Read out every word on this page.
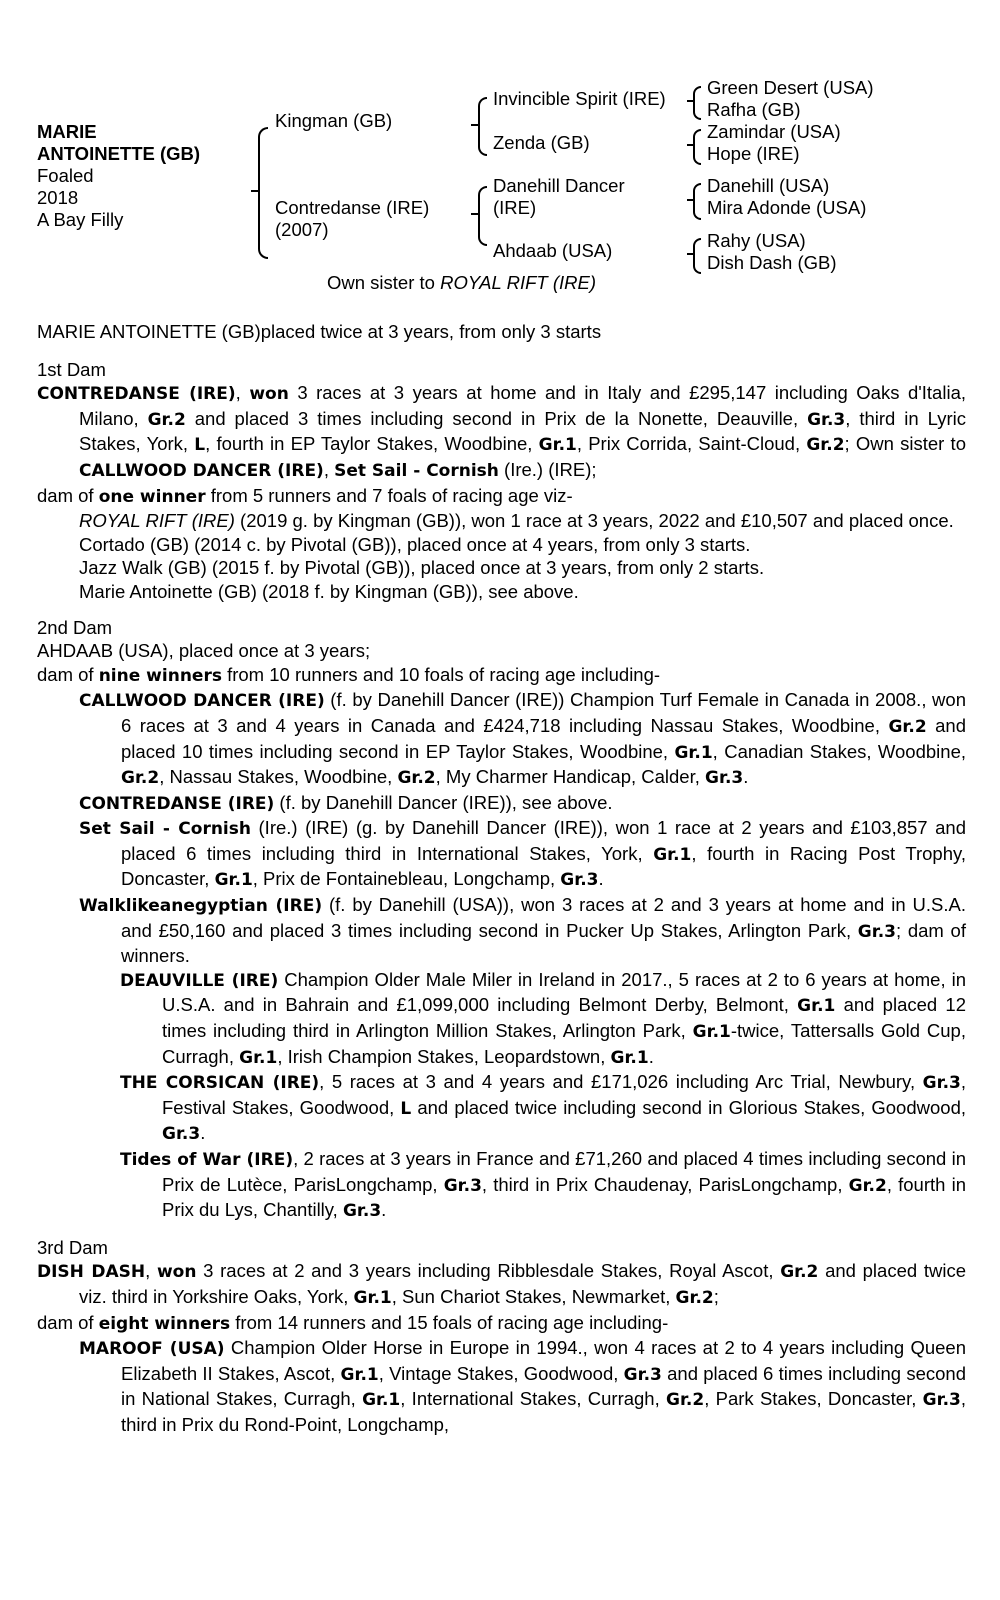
MARIE
ANTOINETTE (GB)
Foaled
2018
A Bay Filly
Kingman (GB)
Contredanse (IRE)
(2007)
Invincible Spirit (IRE)
Zenda (GB)
Danehill Dancer
(IRE)
Ahdaab (USA)
Green Desert (USA)
Rafha (GB)
Zamindar (USA)
Hope (IRE)
Danehill (USA)
Mira Adonde (USA)
Rahy (USA)
Dish Dash (GB)
Own sister to ROYAL RIFT (IRE)

MARIE ANTOINETTE (GB)placed twice at 3 years, from only 3 starts

1st Dam

CONTREDANSE (IRE), won 3 races at 3 years at home and in Italy and £295,147 including Oaks d'Italia, Milano, Gr.2 and placed 3 times including second in Prix de la Nonette, Deauville, Gr.3, third in Lyric Stakes, York, L, fourth in EP Taylor Stakes, Woodbine, Gr.1, Prix Corrida, Saint-Cloud, Gr.2; Own sister to CALLWOOD DANCER (IRE), Set Sail - Cornish (Ire.) (IRE);

dam of one winner from 5 runners and 7 foals of racing age viz-

ROYAL RIFT (IRE) (2019 g. by Kingman (GB)), won 1 race at 3 years, 2022 and £10,507 and placed once.

Cortado (GB) (2014 c. by Pivotal (GB)), placed once at 4 years, from only 3 starts.

Jazz Walk (GB) (2015 f. by Pivotal (GB)), placed once at 3 years, from only 2 starts.

Marie Antoinette (GB) (2018 f. by Kingman (GB)), see above.

2nd Dam

AHDAAB (USA), placed once at 3 years;

dam of nine winners from 10 runners and 10 foals of racing age including-

CALLWOOD DANCER (IRE) (f. by Danehill Dancer (IRE)) Champion Turf Female in Canada in 2008., won 6 races at 3 and 4 years in Canada and £424,718 including Nassau Stakes, Woodbine, Gr.2 and placed 10 times including second in EP Taylor Stakes, Woodbine, Gr.1, Canadian Stakes, Woodbine, Gr.2, Nassau Stakes, Woodbine, Gr.2, My Charmer Handicap, Calder, Gr.3.

CONTREDANSE (IRE) (f. by Danehill Dancer (IRE)), see above.

Set Sail - Cornish (Ire.) (IRE) (g. by Danehill Dancer (IRE)), won 1 race at 2 years and £103,857 and placed 6 times including third in International Stakes, York, Gr.1, fourth in Racing Post Trophy, Doncaster, Gr.1, Prix de Fontainebleau, Longchamp, Gr.3.

Walklikeanegyptian (IRE) (f. by Danehill (USA)), won 3 races at 2 and 3 years at home and in U.S.A. and £50,160 and placed 3 times including second in Pucker Up Stakes, Arlington Park, Gr.3; dam of winners.

DEAUVILLE (IRE) Champion Older Male Miler in Ireland in 2017., 5 races at 2 to 6 years at home, in U.S.A. and in Bahrain and £1,099,000 including Belmont Derby, Belmont, Gr.1 and placed 12 times including third in Arlington Million Stakes, Arlington Park, Gr.1-twice, Tattersalls Gold Cup, Curragh, Gr.1, Irish Champion Stakes, Leopardstown, Gr.1.

THE CORSICAN (IRE), 5 races at 3 and 4 years and £171,026 including Arc Trial, Newbury, Gr.3, Festival Stakes, Goodwood, L and placed twice including second in Glorious Stakes, Goodwood, Gr.3.

Tides of War (IRE), 2 races at 3 years in France and £71,260 and placed 4 times including second in Prix de Lutèce, ParisLongchamp, Gr.3, third in Prix Chaudenay, ParisLongchamp, Gr.2, fourth in Prix du Lys, Chantilly, Gr.3.

3rd Dam

DISH DASH, won 3 races at 2 and 3 years including Ribblesdale Stakes, Royal Ascot, Gr.2 and placed twice viz. third in Yorkshire Oaks, York, Gr.1, Sun Chariot Stakes, Newmarket, Gr.2;

dam of eight winners from 14 runners and 15 foals of racing age including-

MAROOF (USA) Champion Older Horse in Europe in 1994., won 4 races at 2 to 4 years including Queen Elizabeth II Stakes, Ascot, Gr.1, Vintage Stakes, Goodwood, Gr.3 and placed 6 times including second in National Stakes, Curragh, Gr.1, International Stakes, Curragh, Gr.2, Park Stakes, Doncaster, Gr.3, third in Prix du Rond-Point, Longchamp,
